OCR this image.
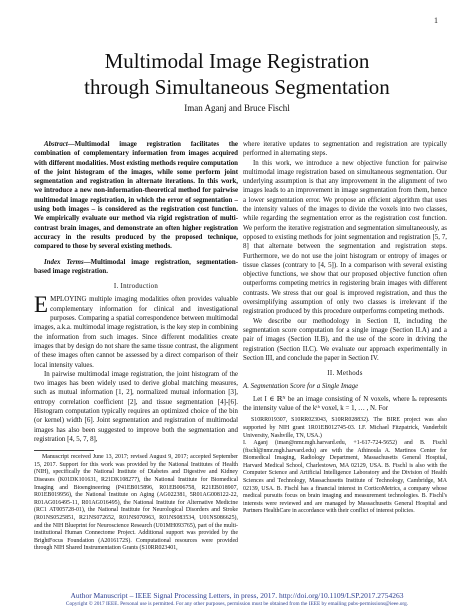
1
Multimodal Image Registration
through Simultaneous Segmentation
Iman Aganj and Bruce Fischl

Abstract—Multimodal image registration facilitates the combination of complementary information from images acquired with different modalities. Most existing methods require computation of the joint histogram of the images, while some perform joint segmentation and registration in alternate iterations. In this work, we introduce a new non-information-theoretical method for pairwise multimodal image registration, in which the error of segmentation – using both images – is considered as the registration cost function. We empirically evaluate our method via rigid registration of multi-contrast brain images, and demonstrate an often higher registration accuracy in the results produced by the proposed technique, compared to those by several existing methods.

Index Terms—Multimodal image registration, segmentation-based image registration.

I. Introduction

EMPLOYING multiple imaging modalities often provides valuable complementary information for clinical and investigational purposes. Comparing a spatial correspondence between multimodal images, a.k.a. multimodal image registration, is the key step in combining the information from such images. Since different modalities create images that by design do not share the same tissue contrast, the alignment of these images often cannot be assessed by a direct comparison of their local intensity values.

In pairwise multimodal image registration, the joint histogram of the two images has been widely used to derive global matching measures, such as mutual information [1, 2], normalized mutual information [3], entropy correlation coefficient [2], and tissue segmentation [4]-[6]. Histogram computation typically requires an optimized choice of the bin (or kernel) width [6]. Joint segmentation and registration of multimodal images has also been suggested to improve both the segmentation and registration [4, 5, 7, 8],

Manuscript received June 13, 2017; revised August 9, 2017; accepted September 15, 2017. Support for this work was provided by the National Institutes of Health (NIH), specifically the National Institute of Diabetes and Digestive and Kidney Diseases (K01DK101631, R21DK108277), the National Institute for Biomedical Imaging and Bioengineering (P41EB015896, R01EB006758, R21EB018907, R01EB019956), the National Institute on Aging (AG022381, 5R01AG008122-22, R01AG016495-11, R01AG016495), the National Institute for Alternative Medicine (RC1 AT005728-01), the National Institute for Neurological Disorders and Stroke (R01NS0525851, R21NS072652, R01NS070963, R01NS083534, U01NS086625), and the NIH Blueprint for Neuroscience Research (U01MH093765), part of the multi-institutional Human Connectome Project. Additional support was provided by the BrightFocus Foundation (A2016172S). Computational resources were provided through NIH Shared Instrumentation Grants (S10RR023401,

where iterative updates to segmentation and registration are typically performed in alternating steps.

In this work, we introduce a new objective function for pairwise multimodal image registration based on simultaneous segmentation. Our underlying assumption is that any improvement in the alignment of two images leads to an improvement in image segmentation from them, hence a lower segmentation error. We propose an efficient algorithm that uses the intensity values of the images to divide the voxels into two classes, while regarding the segmentation error as the registration cost function. We perform the iterative registration and segmentation simultaneously, as opposed to existing methods for joint segmentation and registration [5, 7, 8] that alternate between the segmentation and registration steps. Furthermore, we do not use the joint histogram or entropy of images or tissue classes (contrary to [4, 5]). In a comparison with several existing objective functions, we show that our proposed objective function often outperforms competing metrics in registering brain images with different contrasts. We stress that our goal is improved registration, and thus the oversimplifying assumption of only two classes is irrelevant if the registration produced by this procedure outperforms competing methods.

We describe our methodology in Section II, including the segmentation score computation for a single image (Section II.A) and a pair of images (Section II.B), and the use of the score in driving the registration (Section II.C). We evaluate our approach experimentally in Section III, and conclude the paper in Section IV.

II. Methods

A. Segmentation Score for a Single Image

Let I ∈ ℝᴺ be an image consisting of N voxels, where Iₖ represents the intensity value of the kᵗʰ voxel, k = 1, … , N. For

S10RR019307, S10RR023043, S10RR028832). The BIRE project was also supported by NIH grant 1R01EB012745-03. I.F. Michael Fitzpatrick, Vanderbilt University, Nashville, TN, USA.)
I. Aganj (iman@nmr.mgh.harvard.edu, +1-617-724-5652) and B. Fischl (fischl@nmr.mgh.harvard.edu) are with the Athinoula A. Martinos Center for Biomedical Imaging, Radiology Department, Massachusetts General Hospital, Harvard Medical School, Charlestown, MA 02129, USA. B. Fischl is also with the Computer Science and Artificial Intelligence Laboratory and the Division of Health Sciences and Technology, Massachusetts Institute of Technology, Cambridge, MA 02139, USA. B. Fischl has a financial interest in CorticoMetrics, a company whose medical pursuits focus on brain imaging and measurement technologies. B. Fischl's interests were reviewed and are managed by Massachusetts General Hospital and Partners HealthCare in accordance with their conflict of interest policies.

Author Manuscript – IEEE Signal Processing Letters, in press, 2017. http://doi.org/10.1109/LSP.2017.2754263
Copyright © 2017 IEEE. Personal use is permitted. For any other purposes, permission must be obtained from the IEEE by emailing pubs-permissions@ieee.org.
